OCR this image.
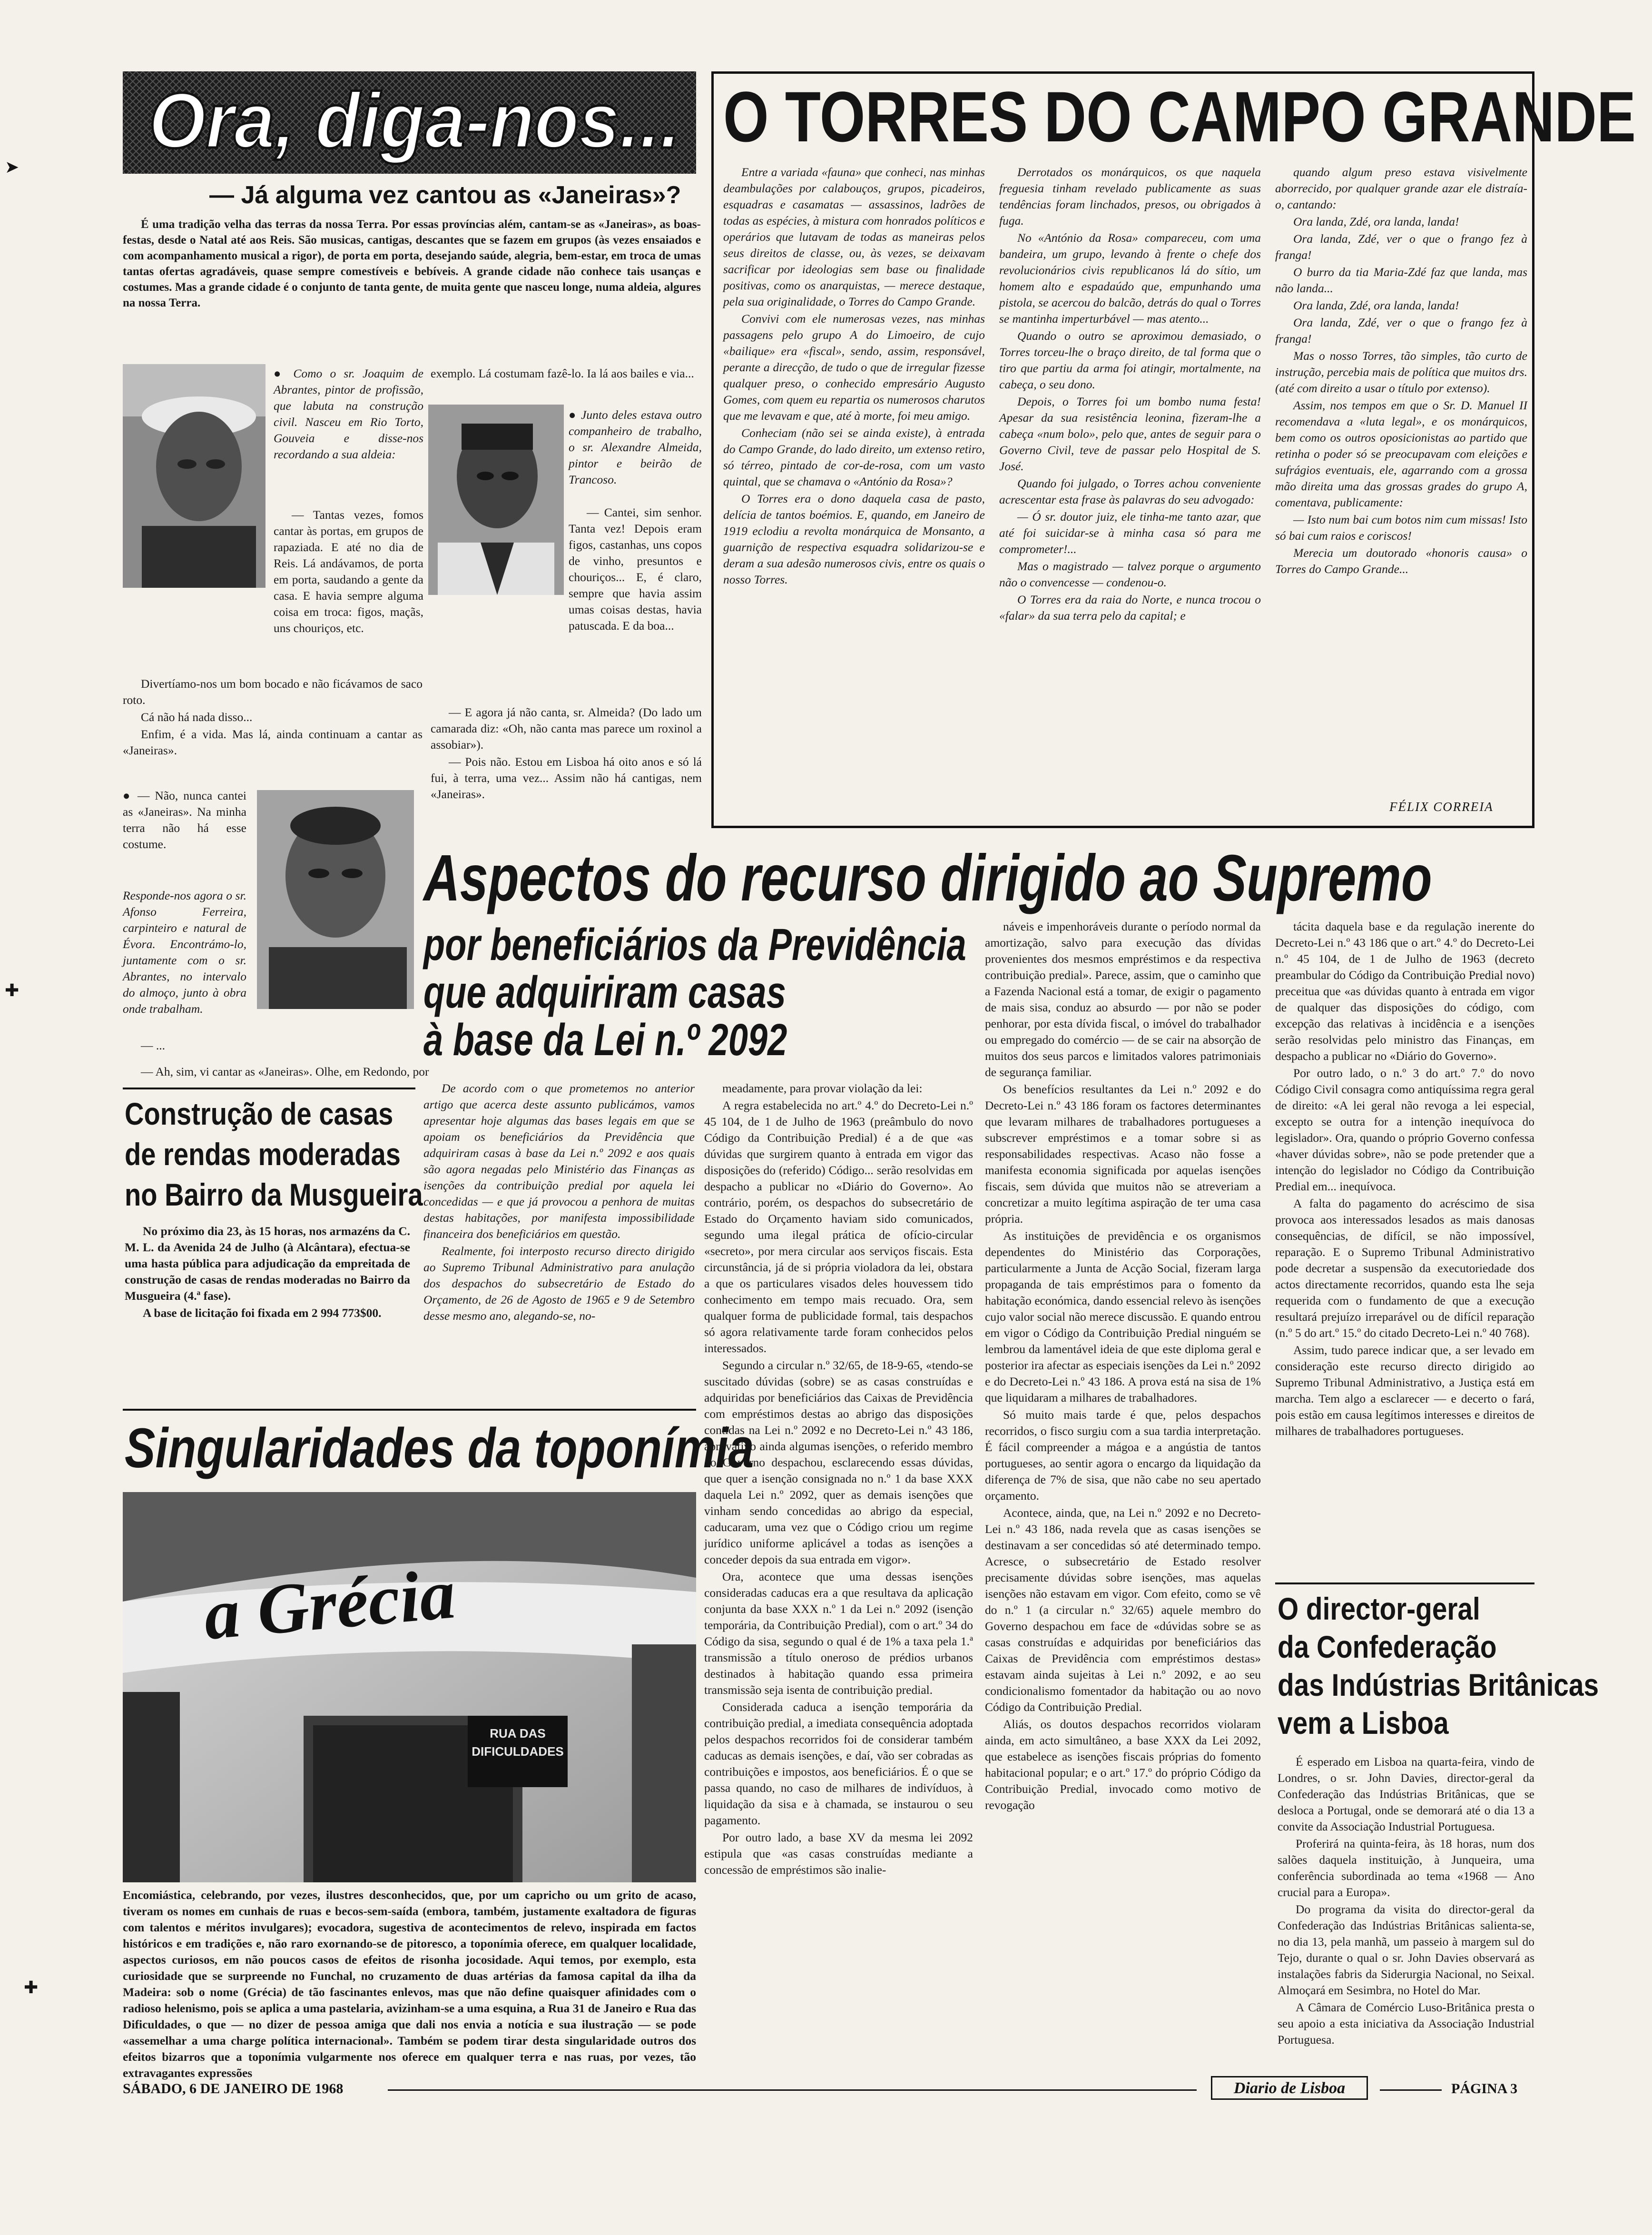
Ora, diga-nos...
— Já alguma vez cantou as «Janeiras»?

É uma tradição velha das terras da nossa Terra. Por essas províncias além, cantam-se as «Janeiras», as boas-festas, desde o Natal até aos Reis. São musicas, cantigas, descantes que se fazem em grupos (às vezes ensaiados e com acompanhamento musical a rigor), de porta em porta, desejando saúde, alegria, bem-estar, em troca de umas tantas ofertas agradáveis, quase sempre comestíveis e bebíveis. A grande cidade não conhece tais usanças e costumes. Mas a grande cidade é o conjunto de tanta gente, de muita gente que nasceu longe, numa aldeia, algures na nossa Terra.

● Como o sr. Joaquim de Abrantes, pintor de profissão, que labuta na construção civil. Nasceu em Rio Torto, Gouveia e disse-nos recordando a sua aldeia:

— Tantas vezes, fomos cantar às portas, em grupos de rapaziada. E até no dia de Reis. Lá andávamos, de porta em porta, saudando a gente da casa. E havia sempre alguma coisa em troca: figos, maçãs, uns chouriços, etc.

Divertíamo-nos um bom bocado e não ficávamos de saco roto.

Cá não há nada disso...

Enfim, é a vida. Mas lá, ainda continuam a cantar as «Janeiras».

exemplo. Lá costumam fazê-lo. Ia lá aos bailes e via...

● Junto deles estava outro companheiro de trabalho, o sr. Alexandre Almeida, pintor e beirão de Trancoso.

— Cantei, sim senhor. Tanta vez! Depois eram figos, castanhas, uns copos de vinho, presuntos e chouriços... E, é claro, sempre que havia assim umas coisas destas, havia patuscada. E da boa...

— E agora já não canta, sr. Almeida? (Do lado um camarada diz: «Oh, não canta mas parece um roxinol a assobiar»).

— Pois não. Estou em Lisboa há oito anos e só lá fui, à terra, uma vez... Assim não há cantigas, nem «Janeiras».

● — Não, nunca cantei as «Janeiras». Na minha terra não há esse costume.

Responde-nos agora o sr. Afonso Ferreira, carpinteiro e natural de Évora. Encontrámo-lo, juntamente com o sr. Abrantes, no intervalo do almoço, junto à obra onde trabalham.

— ...

— Ah, sim, vi cantar as «Janeiras». Olhe, em Redondo, por

O TORRES DO CAMPO GRANDE

Entre a variada «fauna» que conheci, nas minhas deambulações por calabouços, grupos, picadeiros, esquadras e casamatas — assassinos, ladrões de todas as espécies, à mistura com honrados políticos e operários que lutavam de todas as maneiras pelos seus direitos de classe, ou, às vezes, se deixavam sacrificar por ideologias sem base ou finalidade positivas, como os anarquistas, — merece destaque, pela sua originalidade, o Torres do Campo Grande.

Convivi com ele numerosas vezes, nas minhas passagens pelo grupo A do Limoeiro, de cujo «bailique» era «fiscal», sendo, assim, responsável, perante a direcção, de tudo o que de irregular fizesse qualquer preso, o conhecido empresário Augusto Gomes, com quem eu repartia os numerosos charutos que me levavam e que, até à morte, foi meu amigo.

Conheciam (não sei se ainda existe), à entrada do Campo Grande, do lado direito, um extenso retiro, só térreo, pintado de cor-de-rosa, com um vasto quintal, que se chamava o «António da Rosa»?

O Torres era o dono daquela casa de pasto, delícia de tantos boémios. E, quando, em Janeiro de 1919 eclodiu a revolta monárquica de Monsanto, a guarnição de respectiva esquadra solidarizou-se e deram a sua adesão numerosos civis, entre os quais o nosso Torres.

Derrotados os monárquicos, os que naquela freguesia tinham revelado publicamente as suas tendências foram linchados, presos, ou obrigados à fuga.

No «António da Rosa» compareceu, com uma bandeira, um grupo, levando à frente o chefe dos revolucionários civis republicanos lá do sítio, um homem alto e espadaúdo que, empunhando uma pistola, se acercou do balcão, detrás do qual o Torres se mantinha imperturbável — mas atento...

Quando o outro se aproximou demasiado, o Torres torceu-lhe o braço direito, de tal forma que o tiro que partiu da arma foi atingir, mortalmente, na cabeça, o seu dono.

Depois, o Torres foi um bombo numa festa! Apesar da sua resistência leonina, fizeram-lhe a cabeça «num bolo», pelo que, antes de seguir para o Governo Civil, teve de passar pelo Hospital de S. José.

Quando foi julgado, o Torres achou conveniente acrescentar esta frase às palavras do seu advogado:

— Ó sr. doutor juiz, ele tinha-me tanto azar, que até foi suicidar-se à minha casa só para me comprometer!...

Mas o magistrado — talvez porque o argumento não o convencesse — condenou-o.

O Torres era da raia do Norte, e nunca trocou o «falar» da sua terra pelo da capital; e

quando algum preso estava visivelmente aborrecido, por qualquer grande azar ele distraía-o, cantando:

Ora landa, Zdé, ora landa, landa!

Ora landa, Zdé, ver o que o frango fez à franga!

O burro da tia Maria-Zdé faz que landa, mas não landa...

Ora landa, Zdé, ora landa, landa!

Ora landa, Zdé, ver o que o frango fez à franga!

Mas o nosso Torres, tão simples, tão curto de instrução, percebia mais de política que muitos drs. (até com direito a usar o título por extenso).

Assim, nos tempos em que o Sr. D. Manuel II recomendava a «luta legal», e os monárquicos, bem como os outros oposicionistas ao partido que retinha o poder só se preocupavam com eleições e sufrágios eventuais, ele, agarrando com a grossa mão direita uma das grossas grades do grupo A, comentava, publicamente:

— Isto num bai cum botos nim cum missas! Isto só bai cum raios e coriscos!

Merecia um doutorado «honoris causa» o Torres do Campo Grande...

FÉLIX CORREIA
Aspectos do recurso dirigido ao Supremo
por beneficiários da Previdência
que adquiriram casas
à base da Lei n.º 2092

De acordo com o que prometemos no anterior artigo que acerca deste assunto publicámos, vamos apresentar hoje algumas das bases legais em que se apoiam os beneficiários da Previdência que adquiriram casas à base da Lei n.º 2092 e aos quais são agora negadas pelo Ministério das Finanças as isenções da contribuição predial por aquela lei concedidas — e que já provocou a penhora de muitas destas habitações, por manifesta impossibilidade financeira dos beneficiários em questão.

Realmente, foi interposto recurso directo dirigido ao Supremo Tribunal Administrativo para anulação dos despachos do subsecretário de Estado do Orçamento, de 26 de Agosto de 1965 e 9 de Setembro desse mesmo ano, alegando-se, no-

meadamente, para provar violação da lei:

A regra estabelecida no art.º 4.º do Decreto-Lei n.º 45 104, de 1 de Julho de 1963 (preâmbulo do novo Código da Contribuição Predial) é a de que «as dúvidas que surgirem quanto à entrada em vigor das disposições do (referido) Código... serão resolvidas em despacho a publicar no «Diário do Governo». Ao contrário, porém, os despachos do subsecretário de Estado do Orçamento haviam sido comunicados, segundo uma ilegal prática de ofício-circular «secreto», por mera circular aos serviços fiscais. Esta circunstância, já de si própria violadora da lei, obstara a que os particulares visados deles houvessem tido conhecimento em tempo mais recuado. Ora, sem qualquer forma de publicidade formal, tais despachos só agora relativamente tarde foram conhecidos pelos interessados.

Segundo a circular n.º 32/65, de 18-9-65, «tendo-se suscitado dúvidas (sobre) se as casas construídas e adquiridas por beneficiários das Caixas de Previdência com empréstimos destas ao abrigo das disposições contidas na Lei n.º 2092 e no Decreto-Lei n.º 43 186, aprovativo ainda algumas isenções, o referido membro do Governo despachou, esclarecendo essas dúvidas, que quer a isenção consignada no n.º 1 da base XXX daquela Lei n.º 2092, quer as demais isenções que vinham sendo concedidas ao abrigo da especial, caducaram, uma vez que o Código criou um regime jurídico uniforme aplicável a todas as isenções a conceder depois da sua entrada em vigor».

Ora, acontece que uma dessas isenções consideradas caducas era a que resultava da aplicação conjunta da base XXX n.º 1 da Lei n.º 2092 (isenção temporária, da Contribuição Predial), com o art.º 34 do Código da sisa, segundo o qual é de 1% a taxa pela 1.ª transmissão a título oneroso de prédios urbanos destinados à habitação quando essa primeira transmissão seja isenta de contribuição predial.

Considerada caduca a isenção temporária da contribuição predial, a imediata consequência adoptada pelos despachos recorridos foi de considerar também caducas as demais isenções, e daí, vão ser cobradas as contribuições e impostos, aos beneficiários. É o que se passa quando, no caso de milhares de indivíduos, à liquidação da sisa e à chamada, se instaurou o seu pagamento.

Por outro lado, a base XV da mesma lei 2092 estipula que «as casas construídas mediante a concessão de empréstimos são inalie-

náveis e impenhoráveis durante o período normal da amortização, salvo para execução das dívidas provenientes dos mesmos empréstimos e da respectiva contribuição predial». Parece, assim, que o caminho que a Fazenda Nacional está a tomar, de exigir o pagamento de mais sisa, conduz ao absurdo — por não se poder penhorar, por esta dívida fiscal, o imóvel do trabalhador ou empregado do comércio — de se cair na absorção de muitos dos seus parcos e limitados valores patrimoniais de segurança familiar.

Os benefícios resultantes da Lei n.º 2092 e do Decreto-Lei n.º 43 186 foram os factores determinantes que levaram milhares de trabalhadores portugueses a subscrever empréstimos e a tomar sobre si as responsabilidades respectivas. Acaso não fosse a manifesta economia significada por aquelas isenções fiscais, sem dúvida que muitos não se atreveriam a concretizar a muito legítima aspiração de ter uma casa própria.

As instituições de previdência e os organismos dependentes do Ministério das Corporações, particularmente a Junta de Acção Social, fizeram larga propaganda de tais empréstimos para o fomento da habitação económica, dando essencial relevo às isenções cujo valor social não merece discussão. E quando entrou em vigor o Código da Contribuição Predial ninguém se lembrou da lamentável ideia de que este diploma geral e posterior ira afectar as especiais isenções da Lei n.º 2092 e do Decreto-Lei n.º 43 186. A prova está na sisa de 1% que liquidaram a milhares de trabalhadores.

Só muito mais tarde é que, pelos despachos recorridos, o fisco surgiu com a sua tardia interpretação. É fácil compreender a mágoa e a angústia de tantos portugueses, ao sentir agora o encargo da liquidação da diferença de 7% de sisa, que não cabe no seu apertado orçamento.

Acontece, ainda, que, na Lei n.º 2092 e no Decreto-Lei n.º 43 186, nada revela que as casas isenções se destinavam a ser concedidas só até determinado tempo. Acresce, o subsecretário de Estado resolver precisamente dúvidas sobre isenções, mas aquelas isenções não estavam em vigor. Com efeito, como se vê do n.º 1 (a circular n.º 32/65) aquele membro do Governo despachou em face de «dúvidas sobre se as casas construídas e adquiridas por beneficiários das Caixas de Previdência com empréstimos destas» estavam ainda sujeitas à Lei n.º 2092, e ao seu condicionalismo fomentador da habitação ou ao novo Código da Contribuição Predial.

Aliás, os doutos despachos recorridos violaram ainda, em acto simultâneo, a base XXX da Lei 2092, que estabelece as isenções fiscais próprias do fomento habitacional popular; e o art.º 17.º do próprio Código da Contribuição Predial, invocado como motivo de revogação

tácita daquela base e da regulação inerente do Decreto-Lei n.º 43 186 que o art.º 4.º do Decreto-Lei n.º 45 104, de 1 de Julho de 1963 (decreto preambular do Código da Contribuição Predial novo) preceitua que «as dúvidas quanto à entrada em vigor de qualquer das disposições do código, com excepção das relativas à incidência e a isenções serão resolvidas pelo ministro das Finanças, em despacho a publicar no «Diário do Governo».

Por outro lado, o n.º 3 do art.º 7.º do novo Código Civil consagra como antiquíssima regra geral de direito: «A lei geral não revoga a lei especial, excepto se outra for a intenção inequívoca do legislador». Ora, quando o próprio Governo confessa «haver dúvidas sobre», não se pode pretender que a intenção do legislador no Código da Contribuição Predial em... inequívoca.

A falta do pagamento do acréscimo de sisa provoca aos interessados lesados as mais danosas consequências, de difícil, se não impossível, reparação. E o Supremo Tribunal Administrativo pode decretar a suspensão da executoriedade dos actos directamente recorridos, quando esta lhe seja requerida com o fundamento de que a execução resultará prejuízo irreparável ou de difícil reparação (n.º 5 do art.º 15.º do citado Decreto-Lei n.º 40 768).

Assim, tudo parece indicar que, a ser levado em consideração este recurso directo dirigido ao Supremo Tribunal Administrativo, a Justiça está em marcha. Tem algo a esclarecer — e decerto o fará, pois estão em causa legítimos interesses e direitos de milhares de trabalhadores portugueses.

Construção de casas
de rendas moderadas
no Bairro da Musgueira

No próximo dia 23, às 15 horas, nos armazéns da C. M. L. da Avenida 24 de Julho (à Alcântara), efectua-se uma hasta pública para adjudicação da empreitada de construção de casas de rendas moderadas no Bairro da Musgueira (4.ª fase).

A base de licitação foi fixada em 2 994 773$00.

Singularidades da toponímia
a Grécia
RUA DAS DIFICULDADES

Encomiástica, celebrando, por vezes, ilustres desconhecidos, que, por um capricho ou um grito de acaso, tiveram os nomes em cunhais de ruas e becos-sem-saída (embora, também, justamente exaltadora de figuras com talentos e méritos invulgares); evocadora, sugestiva de acontecimentos de relevo, inspirada em factos históricos e em tradições e, não raro exornando-se de pitoresco, a toponímia oferece, em qualquer localidade, aspectos curiosos, em não poucos casos de efeitos de risonha jocosidade. Aqui temos, por exemplo, esta curiosidade que se surpreende no Funchal, no cruzamento de duas artérias da famosa capital da ilha da Madeira: sob o nome (Grécia) de tão fascinantes enlevos, mas que não define quaisquer afinidades com o radioso helenismo, pois se aplica a uma pastelaria, avizinham-se a uma esquina, a Rua 31 de Janeiro e Rua das Dificuldades, o que — no dizer de pessoa amiga que dali nos envia a notícia e sua ilustração — se pode «assemelhar a uma charge política internacional». Também se podem tirar desta singularidade outros dos efeitos bizarros que a toponímia vulgarmente nos oferece em qualquer terra e nas ruas, por vezes, tão extravagantes expressões

O director-geral
da Confederação
das Indústrias Britânicas
vem a Lisboa

É esperado em Lisboa na quarta-feira, vindo de Londres, o sr. John Davies, director-geral da Confederação das Indústrias Britânicas, que se desloca a Portugal, onde se demorará até o dia 13 a convite da Associação Industrial Portuguesa.

Proferirá na quinta-feira, às 18 horas, num dos salões daquela instituição, à Junqueira, uma conferência subordinada ao tema «1968 — Ano crucial para a Europa».

Do programa da visita do director-geral da Confederação das Indústrias Britânicas salienta-se, no dia 13, pela manhã, um passeio à margem sul do Tejo, durante o qual o sr. John Davies observará as instalações fabris da Siderurgia Nacional, no Seixal. Almoçará em Sesimbra, no Hotel do Mar.

A Câmara de Comércio Luso-Britânica presta o seu apoio a esta iniciativa da Associação Industrial Portuguesa.

SÁBADO, 6 DE JANEIRO DE 1968	Diario de Lisboa	PÁGINA 3
➤
✚
✚
